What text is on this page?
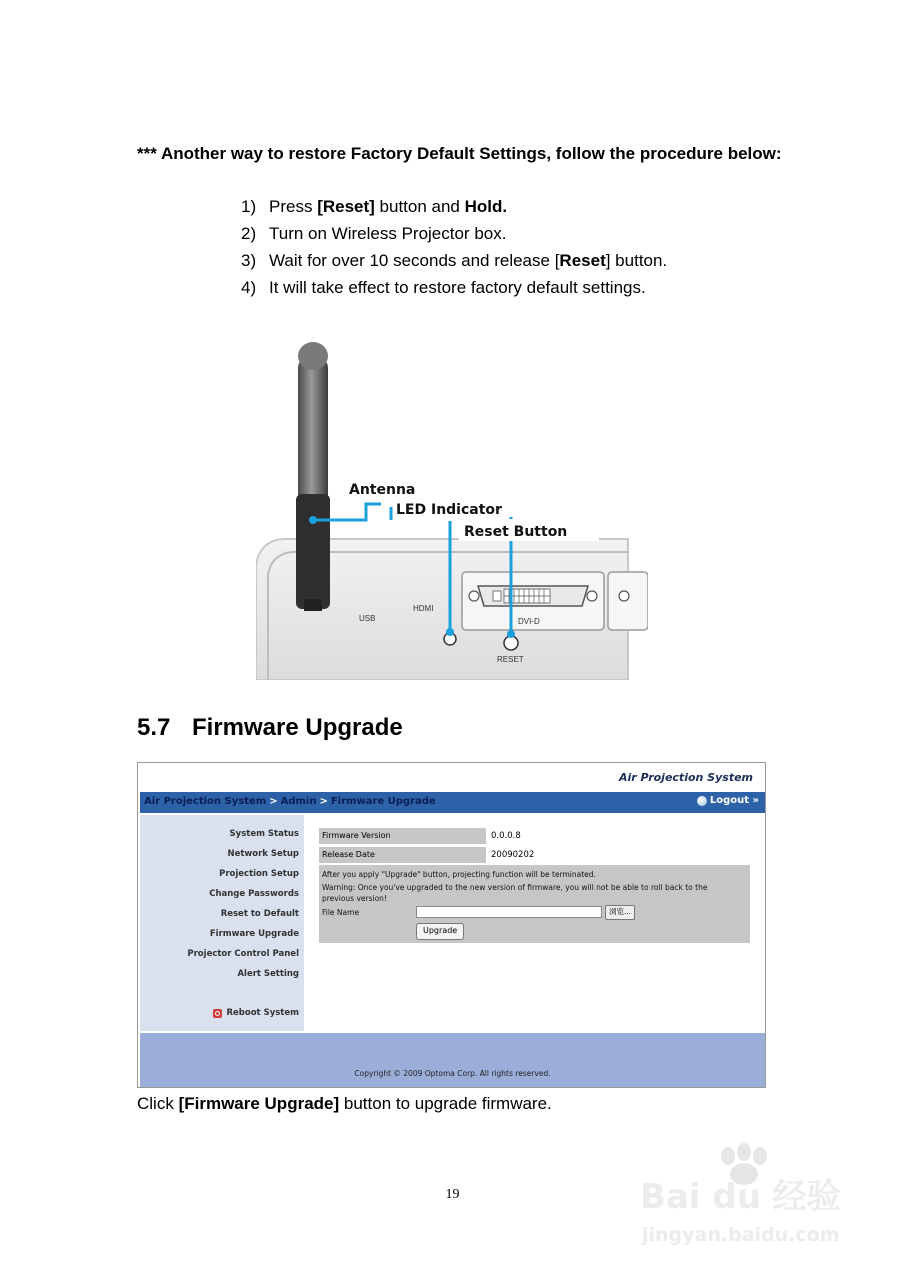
*** Another way to restore Factory Default Settings, follow the procedure below:
1) Press [Reset] button and Hold.
2) Turn on Wireless Projector box.
3) Wait for over 10 seconds and release [Reset] button.
4) It will take effect to restore factory default settings.
USB
HDMI
DVI-D
RESET
Antenna
LED Indicator
Reset Button
5.7 Firmware Upgrade
Air Projection System
Air Projection System > Admin > Firmware Upgrade	Logout »
System Status
Network Setup
Projection Setup
Change Passwords
Reset to Default
Firmware Upgrade
Projector Control Panel
Alert Setting
Reboot System
Firmware Version	0.0.0.8
Release Date	20090202
After you apply "Upgrade" button, projecting function will be terminated.
Warning: Once you've upgraded to the new version of firmware, you will not be able to roll back to the
previous version!
File Name	浏览...
Upgrade
Copyright © 2009 Optoma Corp. All rights reserved.
Click [Firmware Upgrade] button to upgrade firmware.
19	Bai du 经验
jingyan.baidu.com
